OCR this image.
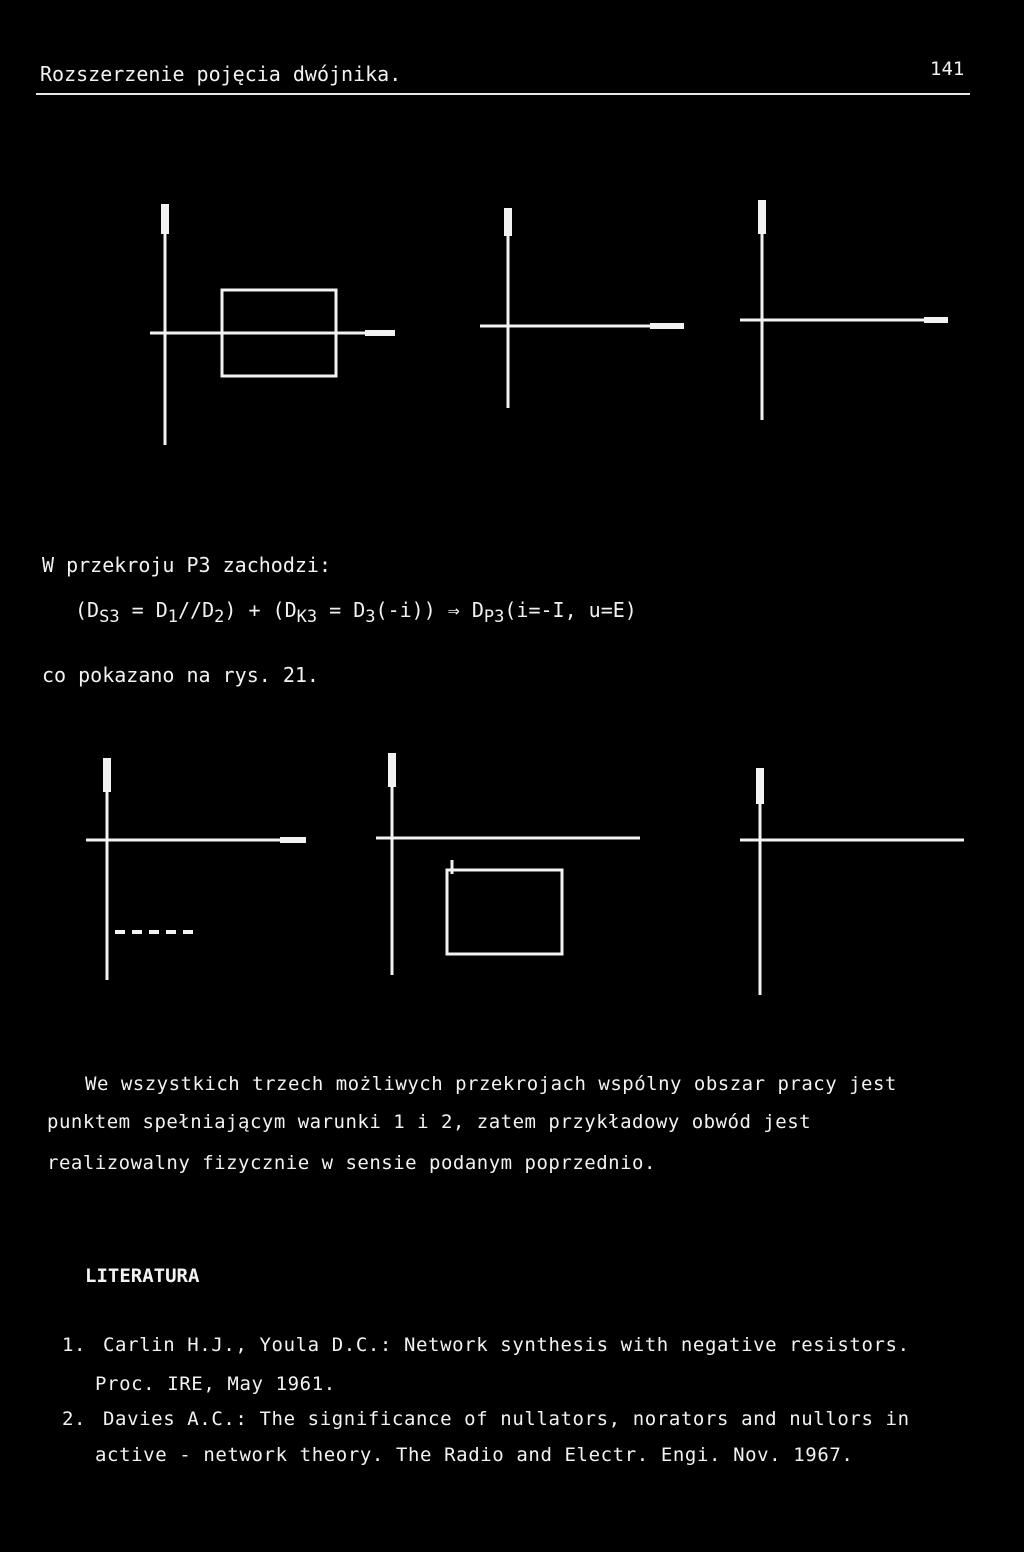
Rozszerzenie pojęcia dwójnika.	141
W przekroju P3 zachodzi:
$(D_{S3} = D_1//D_2) + (D_{K3} = D_3(-i))$ ⇒ $D_{P3}(i=-I$, u=E)
co pokazano na rys. 21.
We wszystkich trzech możliwych przekrojach wspólny obszar pracy jest
punktem spełniającym warunki 1 i 2, zatem przykładowy obwód jest
realizowalny fizycznie w sensie podanym poprzednio.
LITERATURA
1. Carlin H.J., Youla D.C.: Network synthesis with negative resistors.
Proc. IRE, May 1961.
2. Davies A.C.: The significance of nullators, norators and nullors in
active - network theory. The Radio and Electr. Engi. Nov. 1967.
